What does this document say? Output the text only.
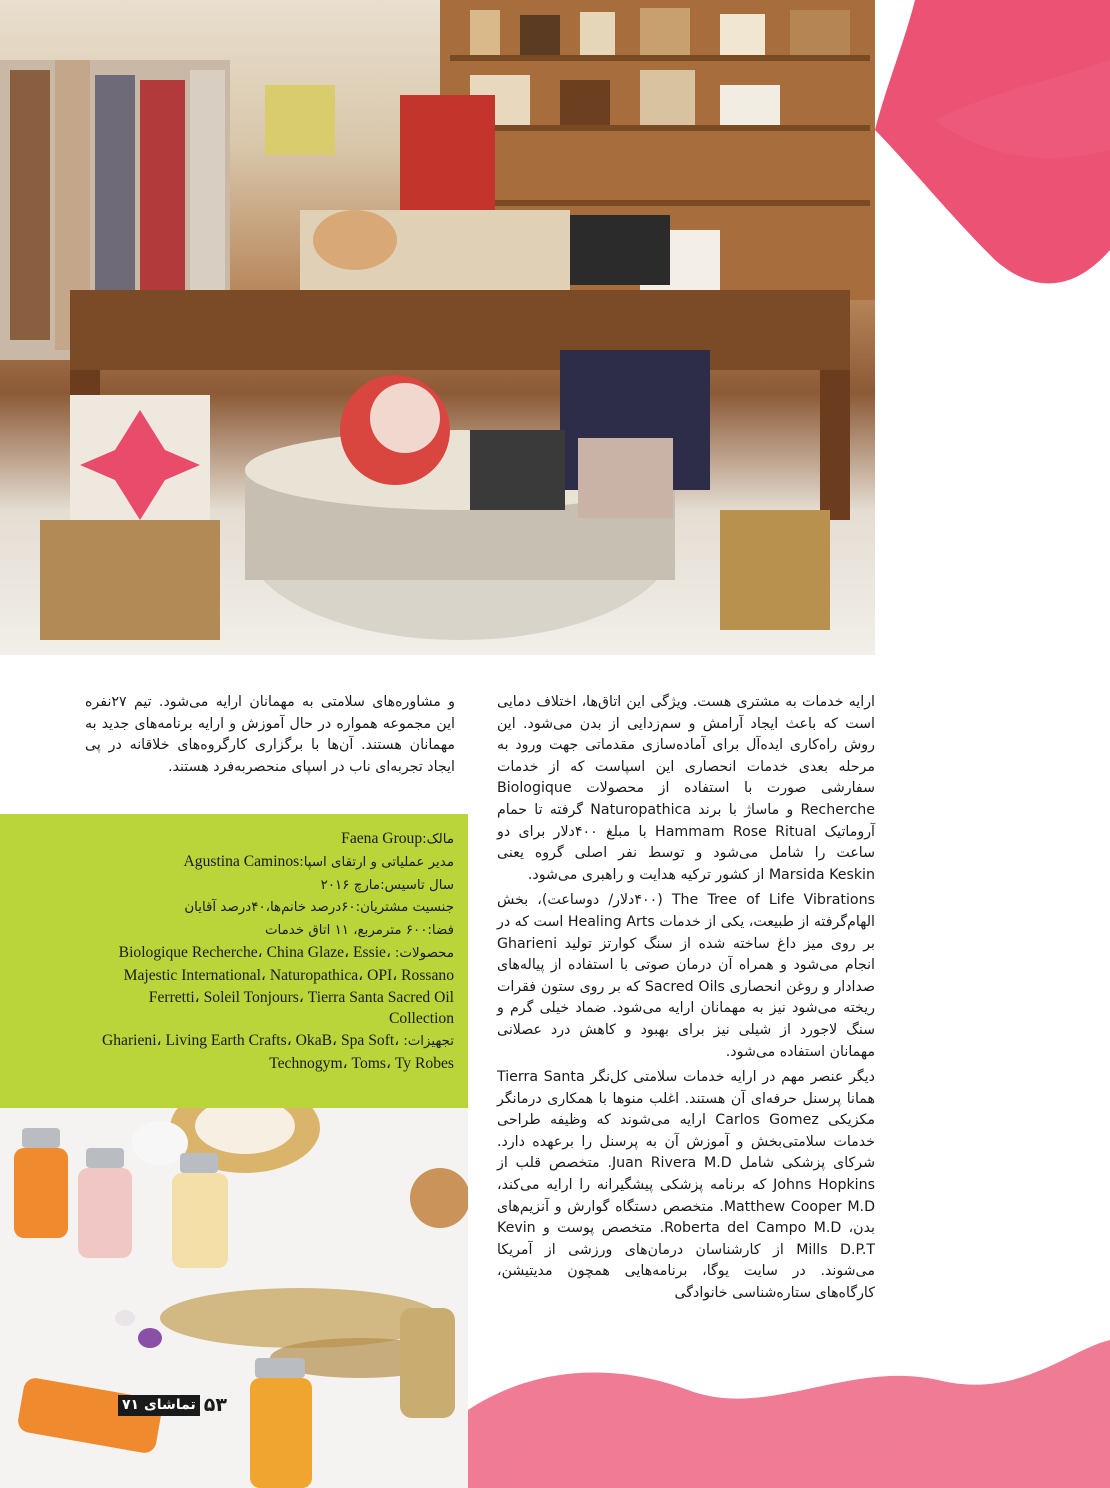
ارایه خدمات به مشتری هست. ویژگی این اتاق‌ها، اختلاف دمایی است که باعث ایجاد آرامش و سم‌زدایی از بدن می‌شود. این روش راه‌کاری ایده‌آل برای آماده‌سازی مقدماتی جهت ورود به مرحله بعدی خدمات انحصاری این اسپاست که از خدمات سفارشی صورت با استفاده از محصولات Biologique Recherche و ماساژ با برند Naturopathica گرفته تا حمام آروماتیک Hammam Rose Ritual با مبلغ ۴۰۰دلار برای دو ساعت را شامل می‌شود و توسط نفر اصلی گروه یعنی Marsida Keskin از کشور ترکیه هدایت و راهبری می‌شود.

The Tree of Life Vibrations (۴۰۰دلار/ دوساعت)، بخش الهام‌گرفته از طبیعت، یکی از خدمات Healing Arts است که در بر روی میز داغ ساخته شده از سنگ کوارتز تولید Gharieni انجام می‌شود و همراه آن درمان صوتی با استفاده از پیاله‌های صدادار و روغن انحصاری Sacred Oils که بر روی ستون فقرات ریخته می‌شود نیز به مهمانان ارایه می‌شود. ضماد خیلی گرم و سنگ لاجورد از شیلی نیز برای بهبود و کاهش درد عصلانی مهمانان استفاده می‌شود.

دیگر عنصر مهم در ارایه خدمات سلامتی کل‌نگر Tierra Santa همانا پرسنل حرفه‌ای آن هستند. اغلب منوها با همکاری درمانگر مکزیکی Carlos Gomez ارایه می‌شوند که وظیفه طراحی خدمات سلامتی‌بخش و آموزش آن به پرسنل را برعهده دارد. شرکای پزشکی شامل Juan Rivera M.D. متخصص قلب از Johns Hopkins که برنامه پزشکی پیشگیرانه را ارایه می‌کند، Matthew Cooper M.D. متخصص دستگاه گوارش و آنزیم‌های بدن، Roberta del Campo M.D. متخصص پوست و Kevin Mills D.P.T از کارشناسان درمان‌های ورزشی از آمریکا می‌شوند. در سایت یوگا، برنامه‌هایی همچون مدیتیشن، کارگاه‌های ستاره‌شناسی خانوادگی

و مشاوره‌های سلامتی به مهمانان ارایه می‌شود. تیم ۲۷نفره این مجموعه همواره در حال آموزش و ارایه برنامه‌های جدید به مهمانان هستند. آن‌ها با برگزاری کارگروه‌های خلاقانه در پی ایجاد تجربه‌ای ناب در اسپای منحصربه‌فرد هستند.

مالک:Faena Group

مدیر عملیاتی و ارتقای اسپا:Agustina Caminos

سال تاسیس:مارچ ۲۰۱۶

جنسیت مشتریان:۶۰درصد خانم‌ها،۴۰درصد آقایان

فضا:۶۰۰ مترمربع، ۱۱ اتاق خدمات

محصولات: Biologique Recherche، China Glaze، Essie، Majestic International، Naturopathica، OPI، Rossano Ferretti، Soleil Tonjours، Tierra Santa Sacred Oil Collection

تجهیزات: Gharieni، Living Earth Crafts، OkaB، Spa Soft، Technogym، Toms، Ty Robes

۵۳
تماشای ۷۱
